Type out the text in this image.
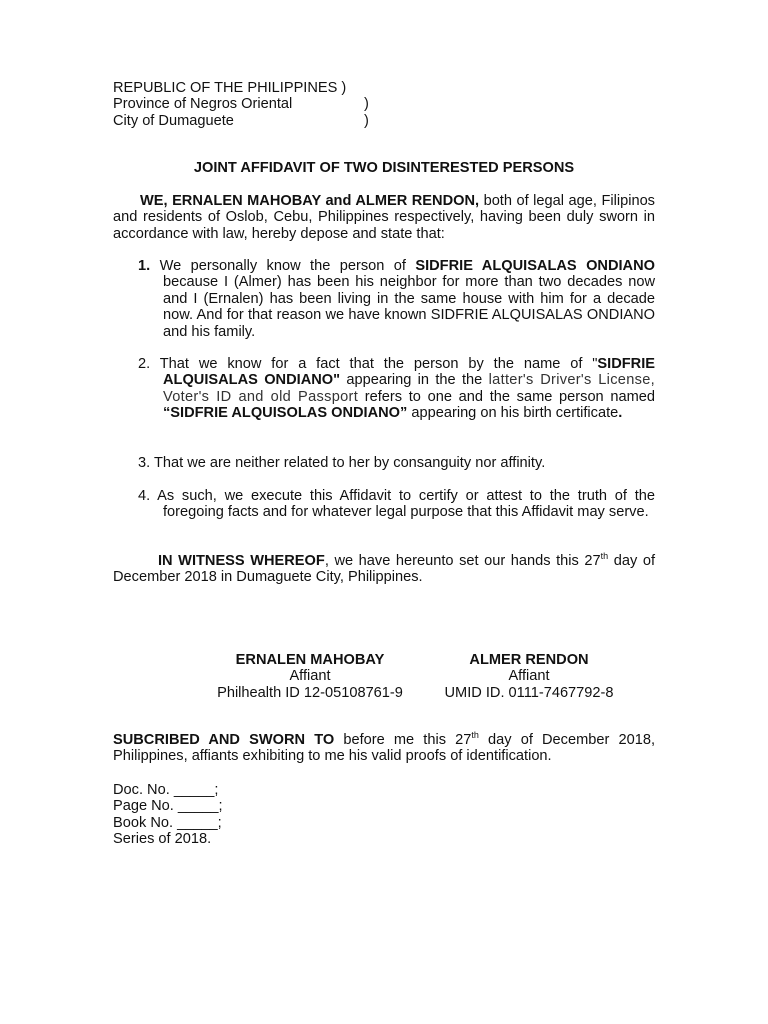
REPUBLIC OF THE PHILIPPINES )
Province of Negros Oriental	)
City of Dumaguete	)
JOINT AFFIDAVIT OF TWO DISINTERESTED PERSONS
WE, ERNALEN MAHOBAY and ALMER RENDON, both of legal age, Filipinos and residents of Oslob, Cebu, Philippines respectively, having been duly sworn in accordance with law, hereby depose and state that:
1. We personally know the person of SIDFRIE ALQUISALAS ONDIANO because I (Almer) has been his neighbor for more than two decades now and I (Ernalen) has been living in the same house with him for a decade now. And for that reason we have known SIDFRIE ALQUISALAS ONDIANO and his family.
2. That we know for a fact that the person by the name of "SIDFRIE ALQUISALAS ONDIANO" appearing in the the latter's Driver's License, Voter's ID and old Passport refers to one and the same person named “SIDFRIE ALQUISOLAS ONDIANO” appearing on his birth certificate.
3. That we are neither related to her by consanguity nor affinity.
4. As such, we execute this Affidavit to certify or attest to the truth of the foregoing facts and for whatever legal purpose that this Affidavit may serve.
IN WITNESS WHEREOF, we have hereunto set our hands this 27th day of December 2018 in Dumaguete City, Philippines.
ERNALEN MAHOBAY
Affiant
Philhealth ID 12-05108761-9
ALMER RENDON
Affiant
UMID ID. 0111-7467792-8
SUBCRIBED AND SWORN TO before me this 27th day of December 2018, Philippines, affiants exhibiting to me his valid proofs of identification.
Doc. No. _____;
Page No. _____;
Book No. _____;
Series of 2018.
